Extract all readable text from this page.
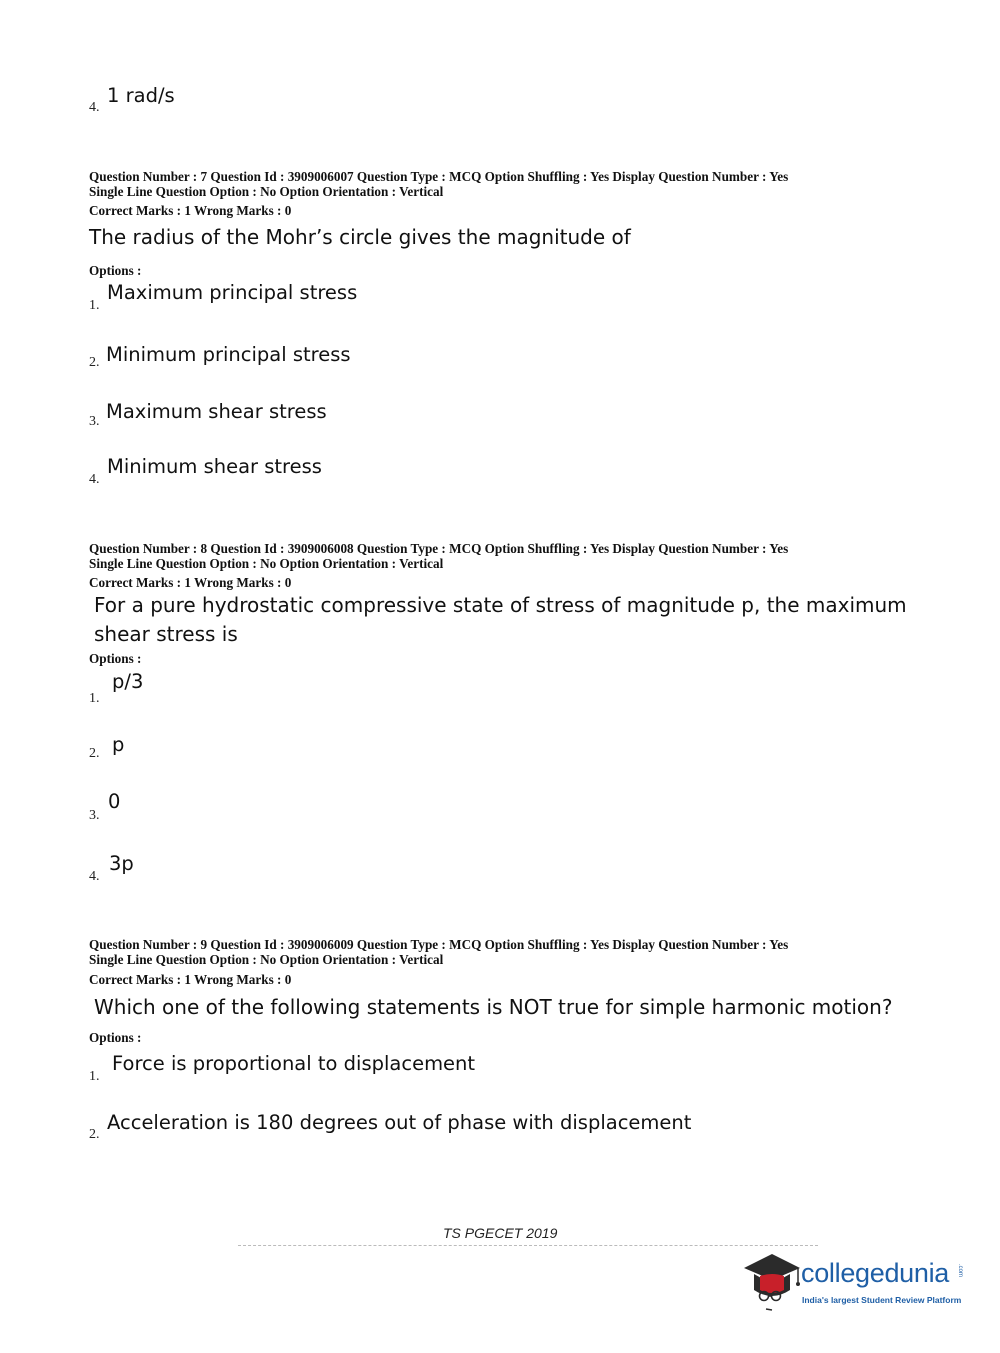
4.
1 rad/s
Question Number : 7 Question Id : 3909006007 Question Type : MCQ Option Shuffling : Yes Display Question Number : Yes
Single Line Question Option : No Option Orientation : Vertical
Correct Marks : 1 Wrong Marks : 0
The radius of the Mohr’s circle gives the magnitude of
Options :
1.
Maximum principal stress
2. Minimum principal stress
3. Maximum shear stress
4.
Minimum shear stress
Question Number : 8 Question Id : 3909006008 Question Type : MCQ Option Shuffling : Yes Display Question Number : Yes
Single Line Question Option : No Option Orientation : Vertical
Correct Marks : 1 Wrong Marks : 0
For a pure hydrostatic compressive state of stress of magnitude p, the maximum
shear stress is
Options :
1.
p/3
2. p
3.
0
4.
3p
Question Number : 9 Question Id : 3909006009 Question Type : MCQ Option Shuffling : Yes Display Question Number : Yes
Single Line Question Option : No Option Orientation : Vertical
Correct Marks : 1 Wrong Marks : 0
Which one of the following statements is NOT true for simple harmonic motion?
Options :
1.
Force is proportional to displacement
2.
Acceleration is 180 degrees out of phase with displacement
TS PGECET 2019
collegedunia .com
India's largest Student Review Platform
